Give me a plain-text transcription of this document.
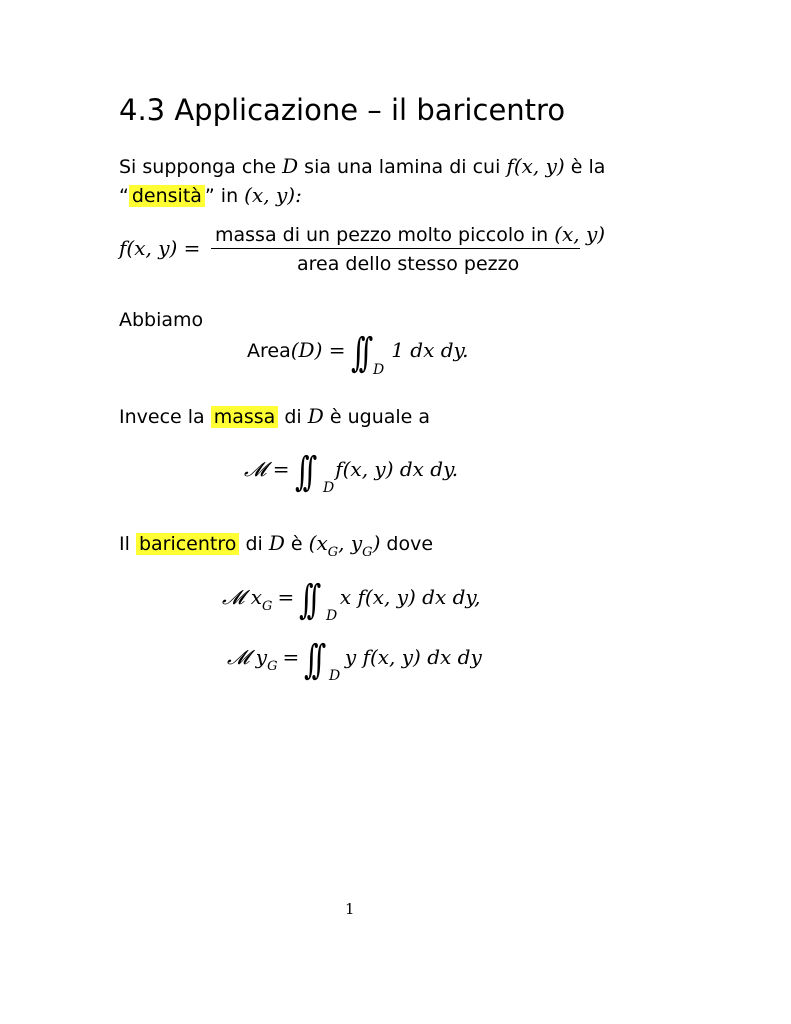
4.3 Applicazione – il baricentro
Si supponga che D sia una lamina di cui f(x, y) è la
“ densità ” in (x, y):
f(x, y) =
massa di un pezzo molto piccolo in (x, y)
area dello stesso pezzo
Abbiamo
Area(D) = ∫∫ 1 dx dy.
D
Invece la massa di D è uguale a
𝓜 = ∫∫ f(x, y) dx dy.
D
Il baricentro di D è ($x_G$, $y_G$) dove
𝓜 $x_G$ = ∫∫ x f(x, y) dx dy,
D
𝓜 $y_G$ = ∫∫ y f(x, y) dx dy
D
1
